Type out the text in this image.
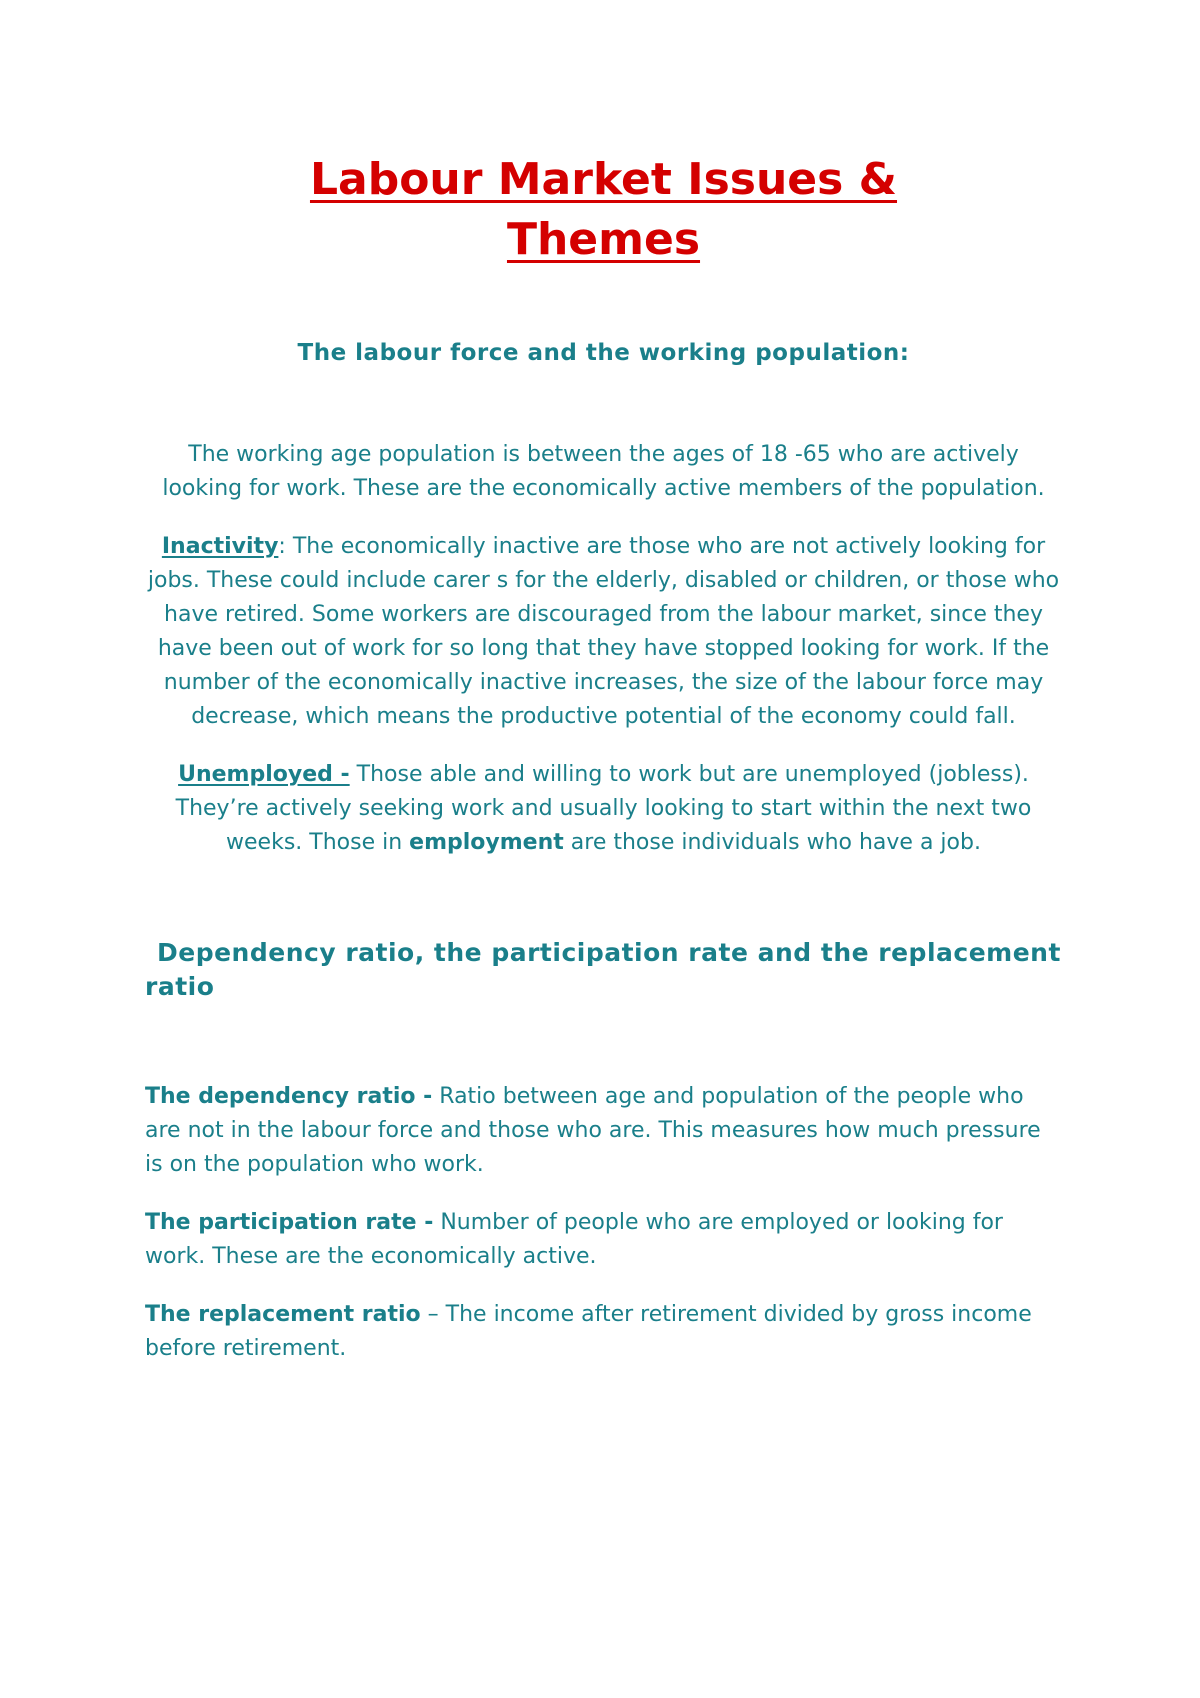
Labour Market Issues &
Themes
The labour force and the working population:

The working age population is between the ages of 18 -65 who are actively looking for work. These are the economically active members of the population.

Inactivity: The economically inactive are those who are not actively looking for jobs. These could include carer s for the elderly, disabled or children, or those who have retired. Some workers are discouraged from the labour market, since they have been out of work for so long that they have stopped looking for work. If the number of the economically inactive increases, the size of the labour force may decrease, which means the productive potential of the economy could fall.

Unemployed - Those able and willing to work but are unemployed (jobless). They’re actively seeking work and usually looking to start within the next two weeks. Those in employment are those individuals who have a job.

Dependency ratio, the participation rate and the replacement ratio

The dependency ratio - Ratio between age and population of the people who are not in the labour force and those who are. This measures how much pressure is on the population who work.

The participation rate - Number of people who are employed or looking for work. These are the economically active.

The replacement ratio – The income after retirement divided by gross income before retirement.
